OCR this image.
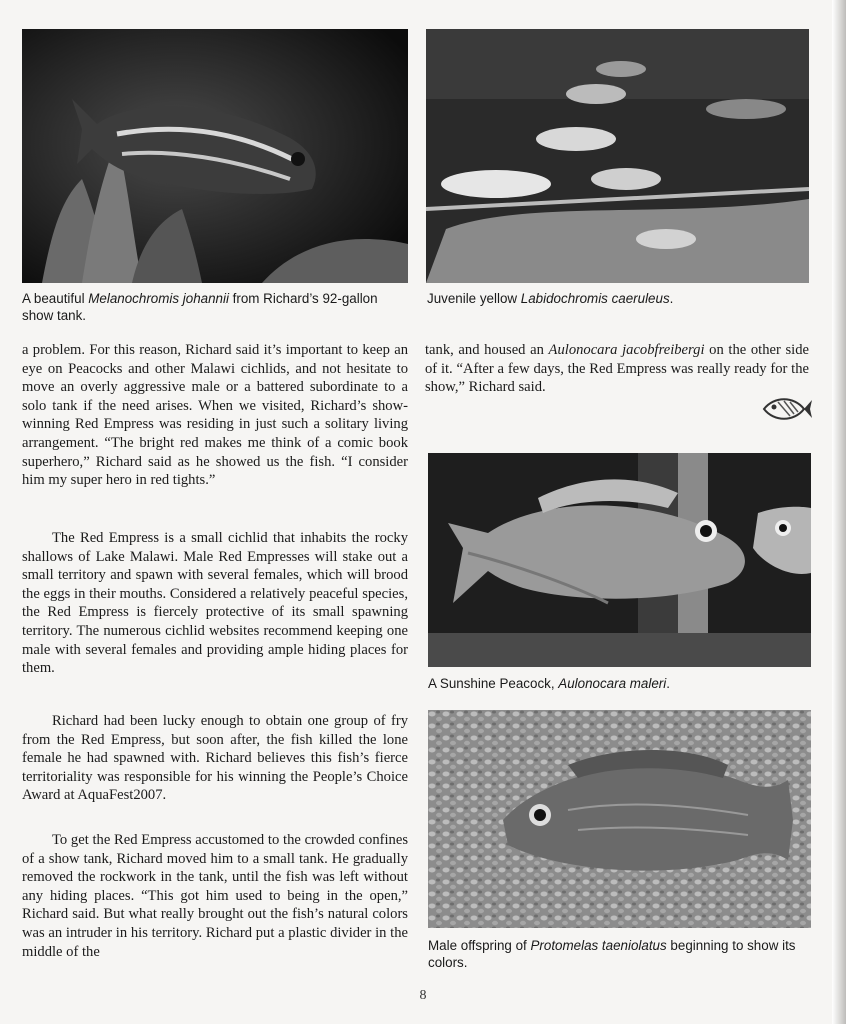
A beautiful Melanochromis johannii from Richard’s 92-gallon show tank.

Juvenile yellow Labidochromis caeruleus.

a problem. For this reason, Richard said it’s important to keep an eye on Peacocks and other Malawi cichlids, and not hesitate to move an overly aggressive male or a battered subordinate to a solo tank if the need arises. When we visited, Richard’s show-winning Red Empress was residing in just such a solitary living arrangement. “The bright red makes me think of a comic book superhero,” Richard said as he showed us the fish. “I consider him my super hero in red tights.”

The Red Empress is a small cichlid that inhabits the rocky shallows of Lake Malawi. Male Red Empresses will stake out a small territory and spawn with several females, which will brood the eggs in their mouths. Considered a relatively peaceful species, the Red Empress is fiercely protective of its small spawning territory. The numerous cichlid websites recommend keeping one male with several females and providing ample hiding places for them.

Richard had been lucky enough to obtain one group of fry from the Red Empress, but soon after, the fish killed the lone female he had spawned with. Richard believes this fish’s fierce territoriality was responsible for his winning the People’s Choice Award at AquaFest2007.

To get the Red Empress accustomed to the crowded confines of a show tank, Richard moved him to a small tank. He gradually removed the rockwork in the tank, until the fish was left without any hiding places. “This got him used to being in the open,” Richard said. But what really brought out the fish’s natural colors was an intruder in his territory. Richard put a plastic divider in the middle of the

tank, and housed an Aulonocara jacobfreibergi on the other side of it. “After a few days, the Red Empress was really ready for the show,” Richard said.

A Sunshine Peacock, Aulonocara maleri.

Male offspring of Protomelas taeniolatus beginning to show its colors.

8
